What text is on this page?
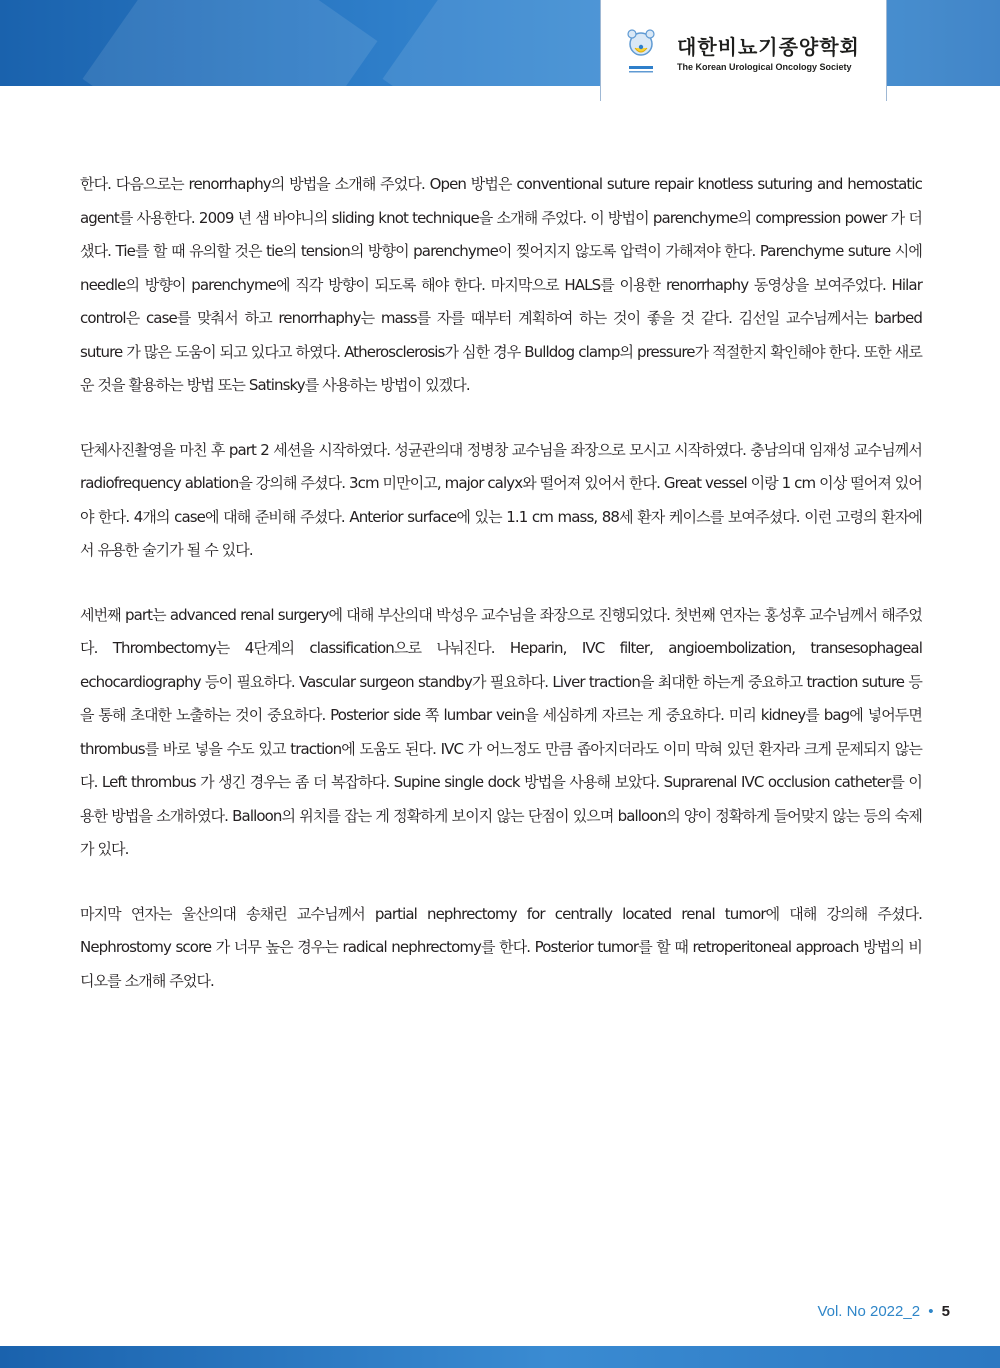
대한비뇨기종양학회
The Korean Urological Oncology Society

한다. 다음으로는 renorrhaphy의 방법을 소개해 주었다. Open 방법은 conventional suture repair knotless suturing and hemostatic agent를 사용한다. 2009 년 샘 바야니의 sliding knot technique을 소개해 주었다. 이 방법이 parenchyme의 compression power 가 더 샜다. Tie를 할 때 유의할 것은 tie의 tension의 방향이 parenchyme이 찢어지지 않도록 압력이 가해져야 한다. Parenchyme suture 시에 needle의 방향이 parenchyme에 직각 방향이 되도록 해야 한다. 마지막으로 HALS를 이용한 renorrhaphy 동영상을 보여주었다. Hilar control은 case를 맞춰서 하고 renorrhaphy는 mass를 자를 때부터 계획하여 하는 것이 좋을 것 같다. 김선일 교수님께서는 barbed suture 가 많은 도움이 되고 있다고 하였다. Atherosclerosis가 심한 경우 Bulldog clamp의 pressure가 적절한지 확인해야 한다. 또한 새로운 것을 활용하는 방법 또는 Satinsky를 사용하는 방법이 있겠다.

단체사진촬영을 마친 후 part 2 세션을 시작하였다. 성균관의대 정병창 교수님을 좌장으로 모시고 시작하였다. 충남의대 임재성 교수님께서 radiofrequency ablation을 강의해 주셨다. 3cm 미만이고, major calyx와 떨어져 있어서 한다. Great vessel 이랑 1 cm 이상 떨어져 있어야 한다. 4개의 case에 대해 준비해 주셨다. Anterior surface에 있는 1.1 cm mass, 88세 환자 케이스를 보여주셨다. 이런 고령의 환자에서 유용한 술기가 될 수 있다.

세번째 part는 advanced renal surgery에 대해 부산의대 박성우 교수님을 좌장으로 진행되었다. 첫번째 연자는 홍성후 교수님께서 해주었다. Thrombectomy는 4단계의 classification으로 나눠진다. Heparin, IVC filter, angioembolization, transesophageal echocardiography 등이 필요하다. Vascular surgeon standby가 필요하다. Liver traction을 최대한 하는게 중요하고 traction suture 등을 통해 초대한 노출하는 것이 중요하다. Posterior side 쪽 lumbar vein을 세심하게 자르는 게 중요하다. 미리 kidney를 bag에 넣어두면 thrombus를 바로 넣을 수도 있고 traction에 도움도 된다. IVC 가 어느정도 만큼 좁아지더라도 이미 막혀 있던 환자라 크게 문제되지 않는다. Left thrombus 가 생긴 경우는 좀 더 복잡하다. Supine single dock 방법을 사용해 보았다. Suprarenal IVC occlusion catheter를 이용한 방법을 소개하였다. Balloon의 위치를 잡는 게 정확하게 보이지 않는 단점이 있으며 balloon의 양이 정확하게 들어맞지 않는 등의 숙제가 있다.

마지막 연자는 울산의대 송채린 교수님께서 partial nephrectomy for centrally located renal tumor에 대해 강의해 주셨다. Nephrostomy score 가 너무 높은 경우는 radical nephrectomy를 한다. Posterior tumor를 할 때 retroperitoneal approach 방법의 비디오를 소개해 주었다.

Vol. No 2022_2 • 5
